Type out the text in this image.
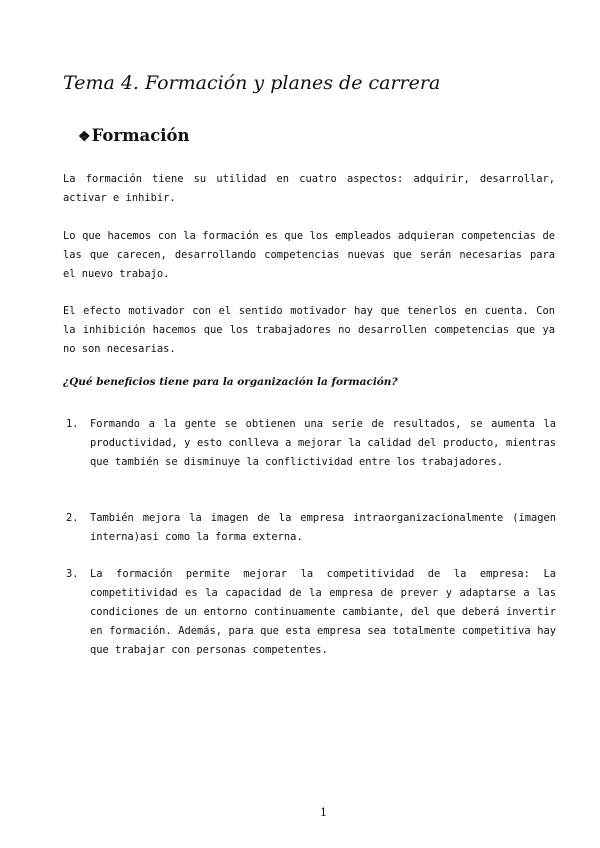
Tema 4. Formación y planes de carrera
❖Formación

La formación tiene su utilidad en cuatro aspectos: adquirir, desarrollar, activar e inhibir.

Lo que hacemos con la formación es que los empleados adquieran competencias de las que carecen, desarrollando competencias nuevas que serán necesarias para el nuevo trabajo.

El efecto motivador con el sentido motivador hay que tenerlos en cuenta. Con la inhibición hacemos que los trabajadores no desarrollen competencias que ya no son necesarias.

¿Qué beneficios tiene para la organización la formación?

1. Formando a la gente se obtienen una serie de resultados, se aumenta la productividad, y esto conlleva a mejorar la calidad del producto, mientras que también se disminuye la conflictividad entre los trabajadores.

2. También mejora la imagen de la empresa intraorganizacionalmente (imagen interna)asi como la forma externa.

3. La formación permite mejorar la competitividad de la empresa: La competitividad es la capacidad de la empresa de prever y adaptarse a las condiciones de un entorno continuamente cambiante, del que deberá invertir en formación. Además, para que esta empresa sea totalmente competitiva hay que trabajar con personas competentes.

1
